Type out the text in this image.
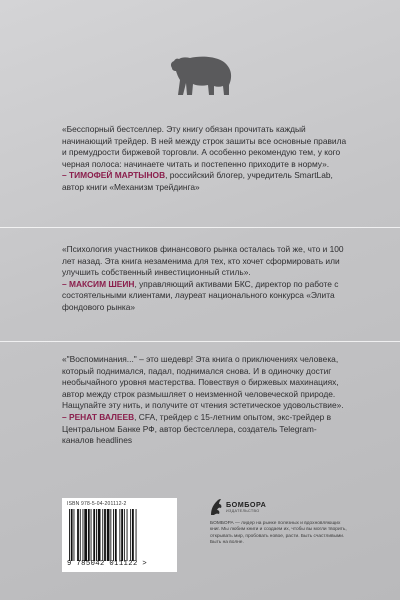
«Бесспорный бестселлер. Эту книгу обязан прочитать каждый начинающий трейдер. В ней между строк зашиты все основные правила и премудрости биржевой торговли. А особенно рекомендую тем, у кого черная полоса: начинаете читать и постепенно приходите в норму».

– ТИМОФЕЙ МАРТЫНОВ, российский блогер, учредитель SmartLab, автор книги «Механизм трейдинга»

«Психология участников финансового рынка осталась той же, что и 100 лет назад. Эта книга незаменима для тех, кто хочет сформировать или улучшить собственный инвестиционный стиль».

– МАКСИМ ШЕИН, управляющий активами БКС, директор по работе с состоятельными клиентами, лауреат национального конкурса «Элита фондового рынка»

«"Воспоминания..." – это шедевр! Эта книга о приключениях человека, который поднимался, падал, поднимался снова. И в одиночку достиг необычайного уровня мастерства. Повествуя о биржевых махинациях, автор между строк размышляет о неизменной человеческой природе. Нащупайте эту нить, и получите от чтения эстетическое удовольствие».

– РЕНАТ ВАЛЕЕВ, CFA, трейдер с 15-летним опытом, экс-трейдер в Центральном Банке РФ, автор бестселлера, создатель Telegram-каналов headlines

ISBN 978-5-04-201112-2
9 785042 011122 >
БОМБОРА
ИЗДАТЕЛЬСТВО

БОМБОРА — лидер на рынке полезных и вдохновляющих книг. Мы любим книги и создаем их, чтобы вы могли творить, открывать мир, пробовать новое, расти. Быть счастливыми. Быть на волне.
